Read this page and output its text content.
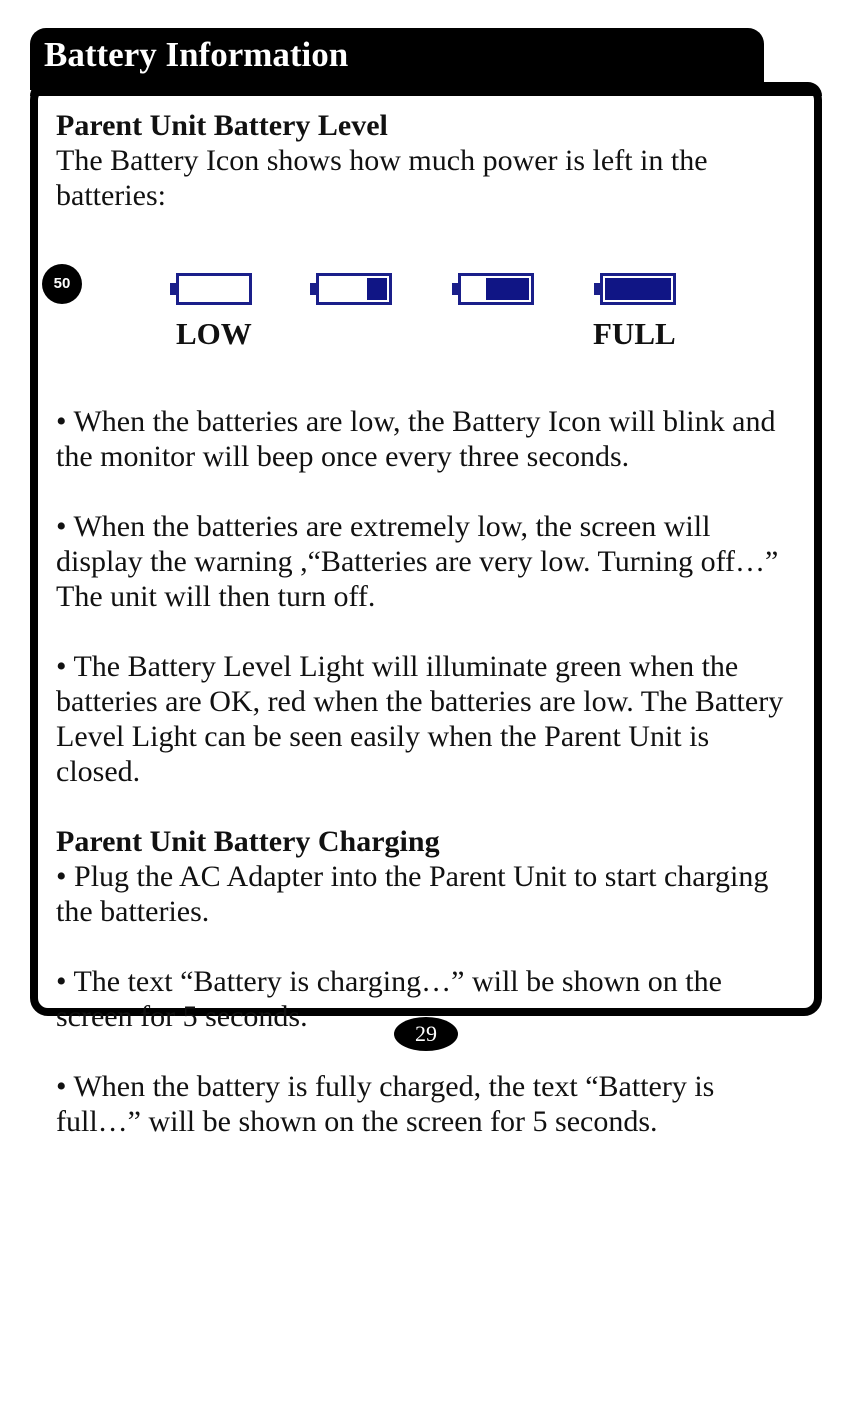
Battery Information

Parent Unit Battery Level

The Battery Icon shows how much power is left in the batteries:

50
LOW	FULL

• When the batteries are low, the Battery Icon will blink and the monitor will beep once every three seconds.

• When the batteries are extremely low, the screen will display the warning ,“Batteries are very low. Turning off…” The unit will then turn off.

• The Battery Level Light will illuminate green when the batteries are OK, red when the batteries are low. The Battery Level Light can be seen easily when the Parent Unit is closed.

Parent Unit Battery Charging

• Plug the AC Adapter into the Parent Unit to start charging the batteries.

• The text “Battery is charging…” will be shown on the screen for 5 seconds.

• When the battery is fully charged, the text “Battery is full…” will be shown on the screen for 5 seconds.

29
